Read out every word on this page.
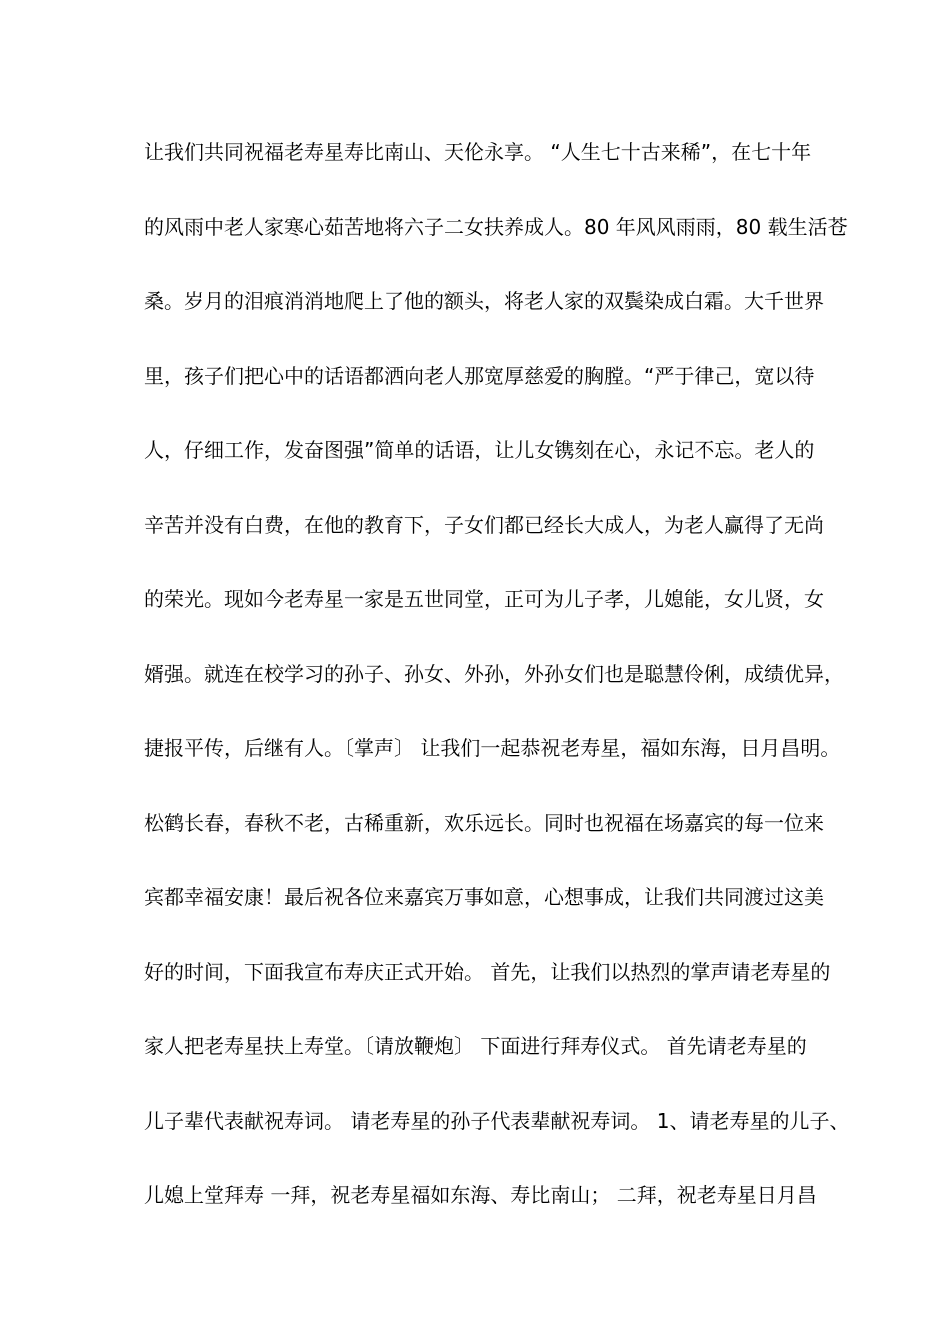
让我们共同祝福老寿星寿比南山、天伦永享。 “人生七十古来稀”，在七十年
的风雨中老人家寒心茹苦地将六子二女扶养成人。80 年风风雨雨，80 载生活苍
桑。岁月的泪痕消消地爬上了他的额头，将老人家的双鬓染成白霜。大千世界
里，孩子们把心中的话语都洒向老人那宽厚慈爱的胸膛。“严于律己，宽以待
人，仔细工作，发奋图强”简单的话语，让儿女镌刻在心，永记不忘。老人的
辛苦并没有白费，在他的教育下，子女们都已经长大成人，为老人赢得了无尚
的荣光。现如今老寿星一家是五世同堂，正可为儿子孝，儿媳能，女儿贤，女
婿强。就连在校学习的孙子、孙女、外孙，外孙女们也是聪慧伶俐，成绩优异，
捷报平传，后继有人。〔掌声〕 让我们一起恭祝老寿星，福如东海，日月昌明。
松鹤长春，春秋不老，古稀重新，欢乐远长。同时也祝福在场嘉宾的每一位来
宾都幸福安康！最后祝各位来嘉宾万事如意，心想事成，让我们共同渡过这美
好的时间，下面我宣布寿庆正式开始。 首先，让我们以热烈的掌声请老寿星的
家人把老寿星扶上寿堂。〔请放鞭炮〕 下面进行拜寿仪式。 首先请老寿星的
儿子辈代表献祝寿词。 请老寿星的孙子代表辈献祝寿词。 1、请老寿星的儿子、
儿媳上堂拜寿 一拜，祝老寿星福如东海、寿比南山； 二拜，祝老寿星日月昌
